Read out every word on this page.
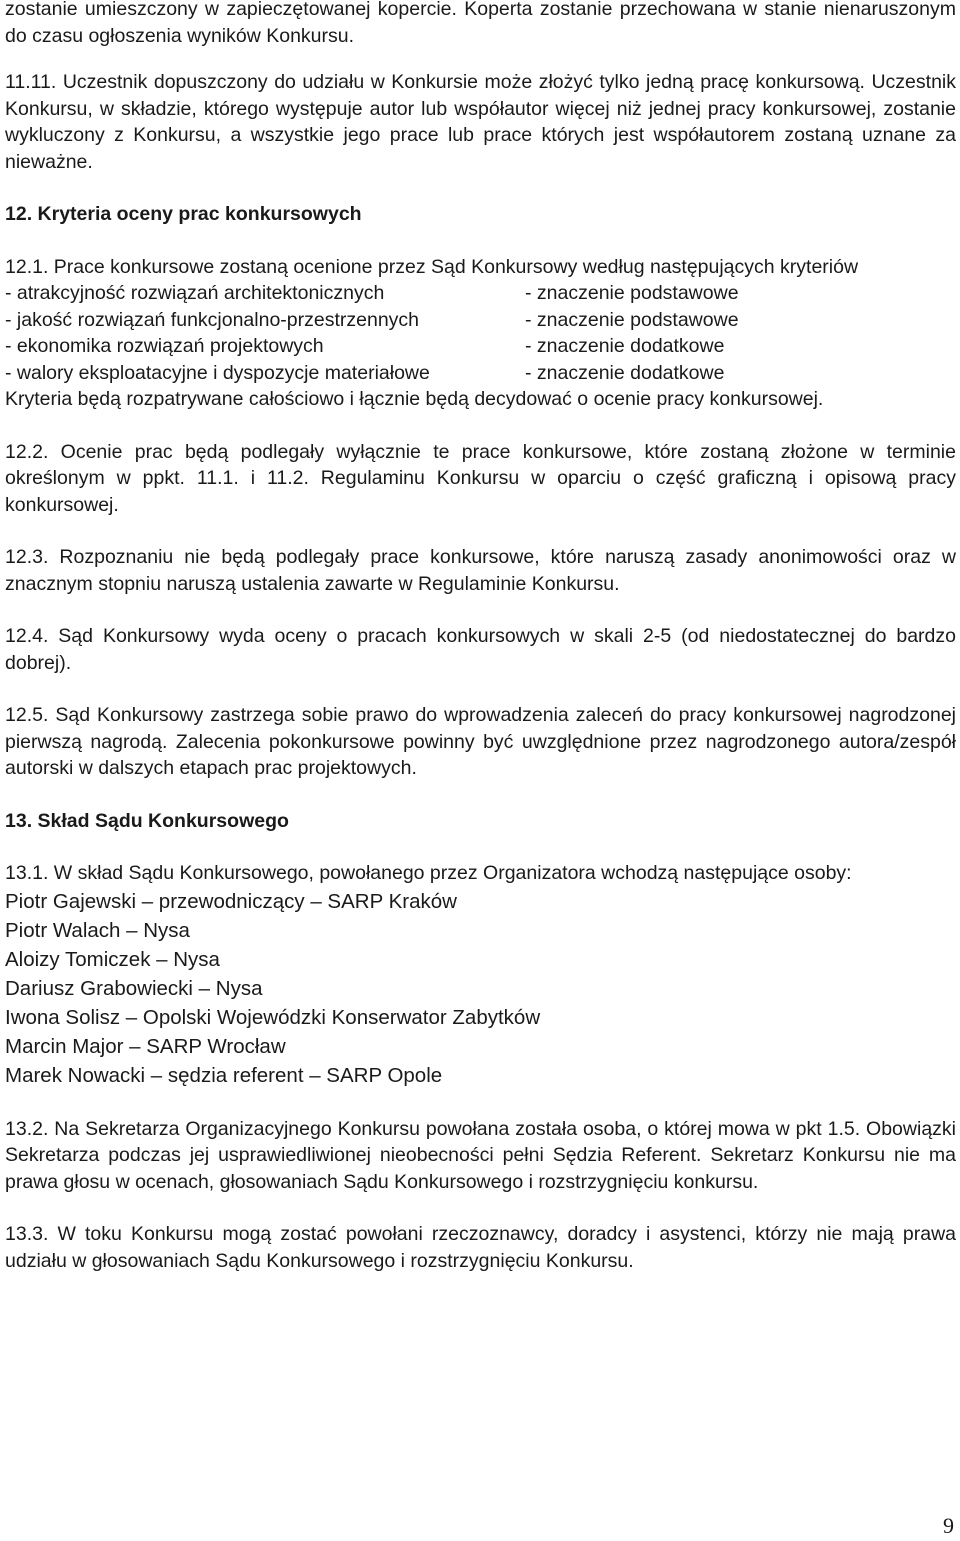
zostanie umieszczony w zapieczętowanej kopercie. Koperta zostanie przechowana w stanie nienaruszonym do czasu ogłoszenia wyników Konkursu.

11.11. Uczestnik dopuszczony do udziału w Konkursie może złożyć tylko jedną pracę konkursową. Uczestnik Konkursu, w składzie, którego występuje autor lub współautor więcej niż jednej pracy konkursowej, zostanie wykluczony z Konkursu, a wszystkie jego prace lub prace których jest współautorem zostaną uznane za nieważne.

12. Kryteria oceny prac konkursowych

12.1. Prace konkursowe zostaną ocenione przez Sąd Konkursowy według następujących kryteriów

- atrakcyjność rozwiązań architektonicznych	- znaczenie podstawowe
- jakość rozwiązań funkcjonalno-przestrzennych	- znaczenie podstawowe
- ekonomika rozwiązań projektowych	- znaczenie dodatkowe
- walory eksploatacyjne i dyspozycje materiałowe	- znaczenie dodatkowe

Kryteria będą rozpatrywane całościowo i łącznie będą decydować o ocenie pracy konkursowej.

12.2. Ocenie prac będą podlegały wyłącznie te prace konkursowe, które zostaną złożone w terminie określonym w ppkt. 11.1. i 11.2. Regulaminu Konkursu w oparciu o część graficzną i opisową pracy konkursowej.

12.3. Rozpoznaniu nie będą podlegały prace konkursowe, które naruszą zasady anonimowości oraz w znacznym stopniu naruszą ustalenia zawarte w Regulaminie Konkursu.

12.4. Sąd Konkursowy wyda oceny o pracach konkursowych w skali 2-5 (od niedostatecznej do bardzo dobrej).

12.5. Sąd Konkursowy zastrzega sobie prawo do wprowadzenia zaleceń do pracy konkursowej nagrodzonej pierwszą nagrodą. Zalecenia pokonkursowe powinny być uwzględnione przez nagrodzonego autora/zespół autorski w dalszych etapach prac projektowych.

13. Skład Sądu Konkursowego

13.1. W skład Sądu Konkursowego, powołanego przez Organizatora wchodzą następujące osoby:

Piotr Gajewski – przewodniczący – SARP Kraków

Piotr Walach – Nysa

Aloizy Tomiczek – Nysa

Dariusz Grabowiecki – Nysa

Iwona Solisz – Opolski Wojewódzki Konserwator Zabytków

Marcin Major – SARP Wrocław

Marek Nowacki – sędzia referent – SARP Opole

13.2. Na Sekretarza Organizacyjnego Konkursu powołana została osoba, o której mowa w pkt 1.5. Obowiązki Sekretarza podczas jej usprawiedliwionej nieobecności pełni Sędzia Referent. Sekretarz Konkursu nie ma prawa głosu w ocenach, głosowaniach Sądu Konkursowego i rozstrzygnięciu konkursu.

13.3. W toku Konkursu mogą zostać powołani rzeczoznawcy, doradcy i asystenci, którzy nie mają prawa udziału w głosowaniach Sądu Konkursowego i rozstrzygnięciu Konkursu.

9
